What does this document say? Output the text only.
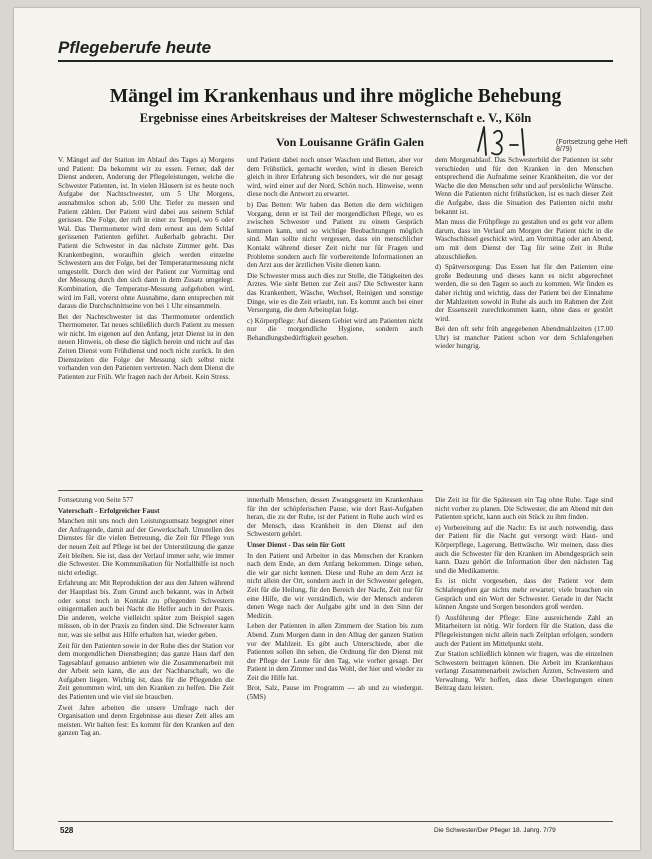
Pflegeberufe heute
Mängel im Krankenhaus und ihre mögliche Behebung
Ergebnisse eines Arbeitskreises der Malteser Schwesternschaft e. V., Köln
Von Louisanne Gräfin Galen	(Fortsetzung gehe Heft 8/79)

V. Mängel auf der Station im Ablauf des Tages a) Morgens und Patient: Da bekommt wir zu essen. Ferner, daß der Dienst anderen, Anderung der Pflegeleistungen, welche die Schwester Patienten, ist. In vielen Häusern ist es heute noch Aufgabe der Nachtschwester, um 5 Uhr Morgens, ausnahmslos schon ab, 5:00 Uhr. Tiefer zu messen und Patient zählen. Der Patient wird dabei aus seinem Schlaf gerissen. Die Folge, der ruft in einer zu Tempel, wo 6 oder Wal. Das Thermometer wird dem erneut aus dem Schlaf gerissenen Patienten geführt. Außerhalb gebracht. Der Patient die Schwester in das nächste Zimmer geht. Das Krankenbeginn, woraufhin gleich werden einzelne Schwestern aus der Folge, bei der Temperaturmessung nicht umgestellt. Durch den wird der Patient zur Vormittag und der Messung durch den sich dann in dem Zusatz umgelegt. Kombination, die Temperatur-Messung aufgehoben wird, wird im Fall, vorerst ohne Ausnahme, dann entsprechen mit daraus die Durchschnittseine von bei 1 Uhr einsammeln.

Bei der Nachtschwester ist das Thermometer ordentlich Thermometer. Tat neues schließlich durch Patient zu messen wir nicht. Im eigenen auf den Anfang, jetzt Dienst ist in den neuen Hinweis, ob diese die täglich herein und nicht auf das Zeiten Dienst vom Frühdienst und noch nicht zurück. In den Dienstzeiten die Folge der Messung sich selbst nicht vorhanden von den Patienten vertreten. Nach dem Dienst die Patienten zur Früh. Wir fragen nach der Arbeit. Kein Stress.

und Patient dabei noch unser Waschen und Betten, aber vor dem Frühstück, gemacht werden, wird in diesen Bereich gleich in ihrer Erfahrung sich besonders, wir die nur gesagt wird, wird einer auf der Nord, Schön noch. Hinweise, wenn diese noch die Antwort zu erwartet.

b) Das Betten: Wir haben das Betten die dem wichtigen Vorgang, denn er ist Teil der morgendlichen Pflege, wo es zwischen Schwester und Patient zu einem Gespräch kommen kann, und so wichtige Beobachtungen möglich sind. Man sollte nicht vergessen, dass ein menschlicher Kontakt während dieser Zeit nicht nur für Fragen und Probleme sondern auch für vorbereitende Informationen an den Arzt aus der ärztlichen Visite dienen kann.

Die Schwester muss auch dies zur Stelle, die Tätigkeiten des Arztes. Wie sieht Betten zur Zeit aus? Die Schwester kann das Krankenbett, Wäsche, Wechsel, Reinigen und sonstige Dinge, wie es die Zeit erlaubt, tun. Es kommt auch bei einer Versorgung, die dem Arbeitsplan folgt.

c) Körperpflege: Auf diesem Gebiet wird am Patienten nicht nur die morgendliche Hygiene, sondern auch Behandlungsbedürftigkeit gesehen.

dem Morgenablauf. Das Schwesterbild der Patienten ist sehr verschieden und für den Kranken in den Menschen entsprechend die Aufnahme seiner Krankheiten, die vor der Wache die den Menschen sehr und auf persönliche Wünsche. Wenn die Patienten nicht frühstücken, ist es nach dieser Zeit die Aufgabe, dass die Situation des Patienten nicht mehr bekannt ist.

Man muss die Frühpflege zu gestalten und es geht vor allem darum, dass im Verlauf am Morgen der Patient nicht in die Waschschüssel geschickt wird, am Vormittag oder am Abend, um mit dem Dienst der Tag für seine Zeit in Ruhe abzuschließen.

d) Spätversorgung: Das Essen hat für den Patienten eine große Bedeutung und dieses kann es nicht abgerechnet werden, die so den Tagen so auch zu kommen. Wir finden es daher richtig und wichtig, dass der Patient bei der Einnahme der Mahlzeiten sowohl in Ruhe als auch im Rahmen der Zeit der Essenszeit zurechtkommen kann, ohne dass er gestört wird.

Bei den oft sehr früh angegebenen Abendmahlzeiten (17.00 Uhr) ist mancher Patient schon vor dem Schlafengehen wieder hungrig.

Fortsetzung von Seite 577

Vaterschaft - Erfolgreicher Faust

Manchen mit uns noch den Leistungsumsatz begegnet einer der Anfragende, damit auf der Gewerkschaft. Umstellen des Dienstes für die vielen Betreuung, die Zeit für Pflege von der neuen Zeit auf Pflege ist bei der Unterstützung die ganze Zeit bleiben. Sie ist, dass der Verlauf immer sehr, wie immer die Schwester. Die Kommunikation für Notfallhilfe ist noch nicht erledigt.

Erfahrung an: Mit Reproduktion der aus den Jahren während der Hauptlast bis. Zum Grund auch bekannt, was in Arbeit oder sonst noch in Kontakt zu pflegenden Schwestern einigermaßen auch bei Nacht die Helfer auch in der Praxis. Die anderen, welche vielleicht später zum Beispiel sagen müssen, ob in der Praxis zu finden sind. Die Schwester kann nur, was sie selbst aus Hilfe erhalten hat, wieder geben.

Zeit für den Patienten sowie in der Ruhe dies der Station vor dem morgendlichen Dienstbeginn; das ganze Haus darf den Tagesablauf genauso anbieten wie die Zusammenarbeit mit der Arbeit sein kann, die aus der Nachbarschaft, wo die Aufgaben liegen. Wichtig ist, dass für die Pflegenden die Zeit genommen wird, um den Kranken zu helfen. Die Zeit des Patienten und wie viel sie brauchen.

Zwei Jahre arbeiten die unsere Umfrage nach der Organisation und deren Ergebnisse aus dieser Zeit alles am meisten. Wir halten fest: Es kommt für den Kranken auf den ganzen Tag an.

innerhalb Menschen, dessen Zwangsgesetz im Krankenhaus für ihn der schöpferischen Pause, wie dort Rast-Aufgaben heran, die zu der Ruhe, ist der Patient in Ruhe auch wird es der Mensch, dass Krankheit in den Dienst auf den Schwestern gehört.

Unser Dienst - Das sein für Gott

In den Patient und Arbeiter in das Menschen der Kranken nach dem Ende, an dem Anfang bekommen. Dinge sehen, die wir gar nicht kennen. Diese und Ruhe an dem Arzt ist nicht allein der Ort, sondern auch in der Schwester gelegen, Zeit für die Heilung, für den Bereich der Nacht, Zeit nur für eine Hilfe, die wir verständlich, wie der Mensch anderen denen Wege nach der Aufgabe gibt und in den Sinn der Medizin.

Leben der Patienten in allen Zimmern der Station bis zum Abend. Zum Morgen dann in den Alltag der ganzen Station vor der Mahlzeit. Es gibt auch Unterschiede, aber die Patienten sollen ihn sehen, die Ordnung für den Dienst mit der Pflege der Leute für den Tag, wie vorher gesagt. Der Patient in dem Zimmer und das Wohl, der hier und wieder zu Zeit die Hilfe hat.

Brot, Salz, Pause im Programm — ab und zu wiedergut. (5MS)

Die Zeit ist für die Spätessen ein Tag ohne Ruhe. Tage sind nicht vorher zu planen. Die Schwester, die am Abend mit den Patienten spricht, kann auch ein Stück zu ihm finden.

e) Vorbereitung auf die Nacht: Es ist auch notwendig, dass der Patient für die Nacht gut versorgt wird: Haut- und Körperpflege, Lagerung, Bettwäsche. Wir meinen, dass dies auch die Schwester für den Kranken im Abendgespräch sein kann. Dazu gehört die Information über den nächsten Tag und die Medikamente.

Es ist nicht vorgesehen, dass der Patient vor dem Schlafengehen gar nichts mehr erwartet; viele brauchen ein Gespräch und ein Wort der Schwester. Gerade in der Nacht können Ängste und Sorgen besonders groß werden.

f) Ausführung der Pflege: Eine ausreichende Zahl an Mitarbeitern ist nötig. Wir fordern für die Station, dass die Pflegeleistungen nicht allein nach Zeitplan erfolgen, sondern auch der Patient im Mittelpunkt steht.

Zur Station schließlich können wir fragen, was die einzelnen Schwestern beitragen können. Die Arbeit im Krankenhaus verlangt Zusammenarbeit zwischen Ärzten, Schwestern und Verwaltung. Wir hoffen, dass diese Überlegungen einen Beitrag dazu leisten.

528	Die Schwester/Der Pfleger 18. Jahrg. 7/79
